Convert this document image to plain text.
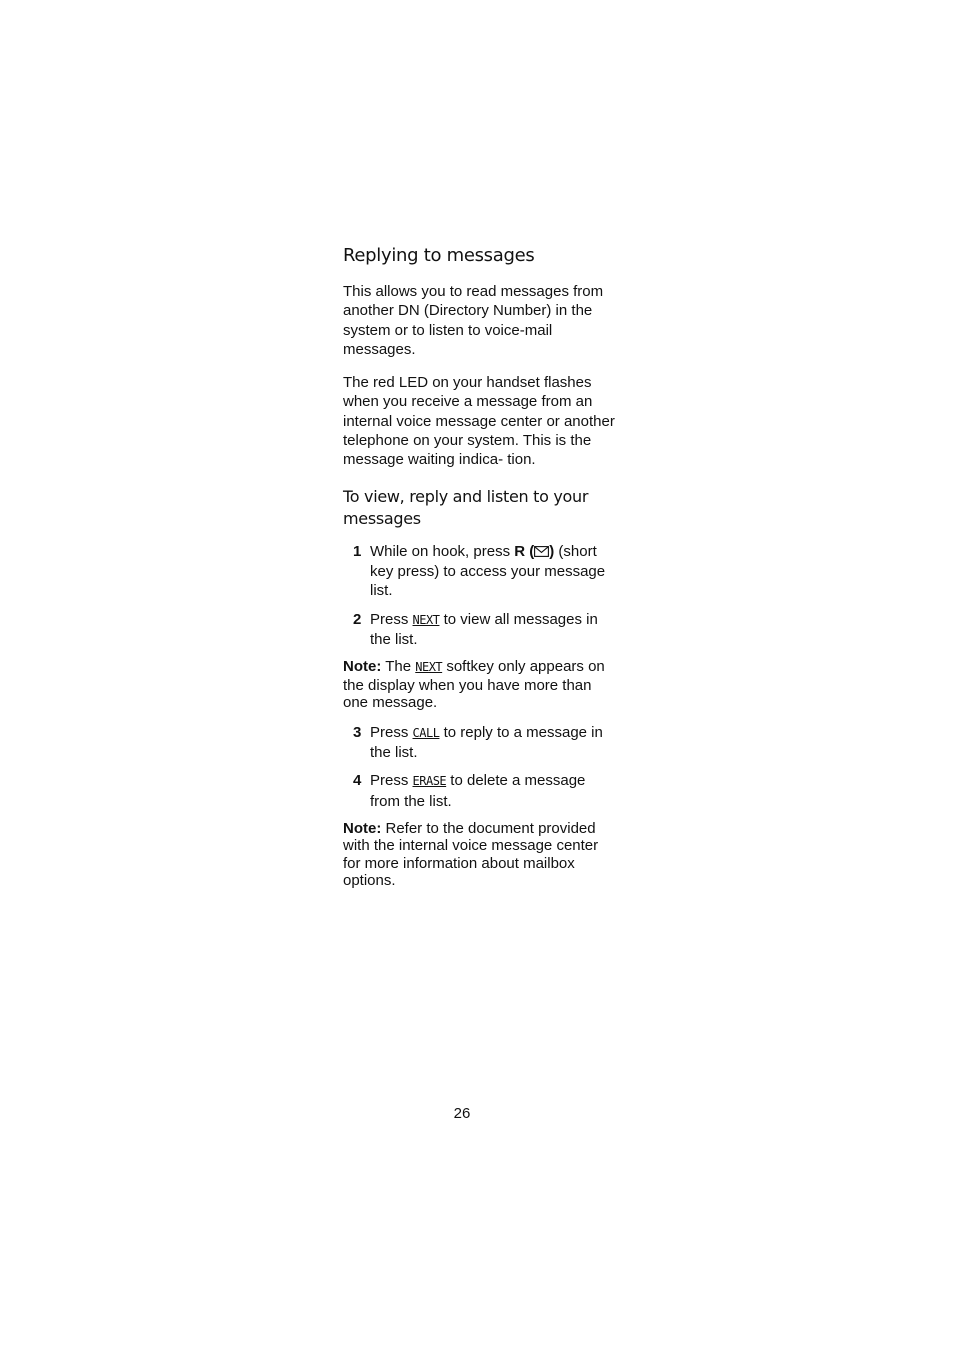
Replying to messages

This allows you to read messages from another DN (Directory Number) in the system or to listen to voice-mail messages.

The red LED on your handset flashes when you receive a message from an internal voice message center or another telephone on your system. This is the message waiting indica- tion.

To view, reply and listen to your messages
1 While on hook, press R ( ) (short key press) to access your message list.
2 Press NEXT to view all messages in the list.

Note: The NEXT softkey only appears on the display when you have more than one message.

3 Press CALL to reply to a message in the list.
4 Press ERASE to delete a message from the list.

Note: Refer to the document provided with the internal voice message center for more information about mailbox options.

26
